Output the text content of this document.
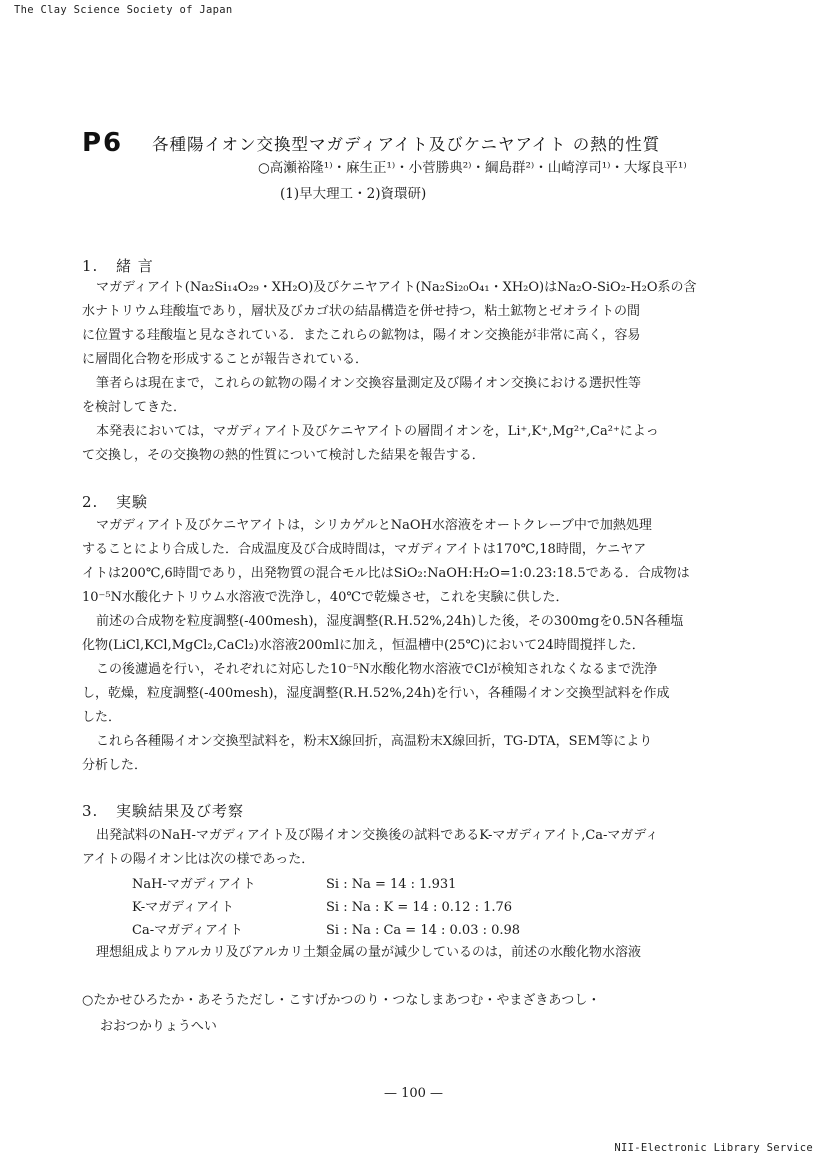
The Clay Science Society of Japan
P6 各種陽イオン交換型マガディアイト及びケニヤアイト の熱的性質
○高瀬裕隆¹⁾・麻生正¹⁾・小菅勝典²⁾・綱島群²⁾・山崎淳司¹⁾・大塚良平¹⁾
(1)早大理工・2)資環研)
1. 緒 言
マガディアイト(Na₂Si₁₄O₂₉・XH₂O)及びケニヤアイト(Na₂Si₂₀O₄₁・XH₂O)はNa₂O-SiO₂-H₂O系の含
水ナトリウム珪酸塩であり，層状及びカゴ状の結晶構造を併せ持つ，粘土鉱物とゼオライトの間
に位置する珪酸塩と見なされている．またこれらの鉱物は，陽イオン交換能が非常に高く，容易
に層間化合物を形成することが報告されている．
筆者らは現在まで，これらの鉱物の陽イオン交換容量測定及び陽イオン交換における選択性等
を検討してきた．
本発表においては，マガディアイト及びケニヤアイトの層間イオンを，Li⁺,K⁺,Mg²⁺,Ca²⁺によっ
て交換し，その交換物の熱的性質について検討した結果を報告する．
2. 実験
マガディアイト及びケニヤアイトは，シリカゲルとNaOH水溶液をオートクレーブ中で加熱処理
することにより合成した．合成温度及び合成時間は，マガディアイトは170℃,18時間，ケニヤア
イトは200℃,6時間であり，出発物質の混合モル比はSiO₂:NaOH:H₂O=1:0.23:18.5である．合成物は
10⁻⁵N水酸化ナトリウム水溶液で洗浄し，40℃で乾燥させ，これを実験に供した．
前述の合成物を粒度調整(-400mesh)，湿度調整(R.H.52%,24h)した後，その300mgを0.5N各種塩
化物(LiCl,KCl,MgCl₂,CaCl₂)水溶液200mlに加え，恒温槽中(25℃)において24時間撹拌した．
この後濾過を行い，それぞれに対応した10⁻⁵N水酸化物水溶液でClが検知されなくなるまで洗浄
し，乾燥，粒度調整(-400mesh)，湿度調整(R.H.52%,24h)を行い，各種陽イオン交換型試料を作成
した．
これら各種陽イオン交換型試料を，粉末X線回折，高温粉末X線回折，TG-DTA，SEM等により
分析した．
3. 実験結果及び考察
出発試料のNaH-マガディアイト及び陽イオン交換後の試料であるK-マガディアイト,Ca-マガディ
アイトの陽イオン比は次の様であった．
NaH-マガディアイト	Si : Na = 14 : 1.931
K-マガディアイト	Si : Na : K = 14 : 0.12 : 1.76
Ca-マガディアイト	Si : Na : Ca = 14 : 0.03 : 0.98
理想組成よりアルカリ及びアルカリ土類金属の量が減少しているのは，前述の水酸化物水溶液
○たかせひろたか・あそうただし・こすげかつのり・つなしまあつむ・やまざきあつし・
おおつかりょうへい
— 100 —
NII-Electronic Library Service
